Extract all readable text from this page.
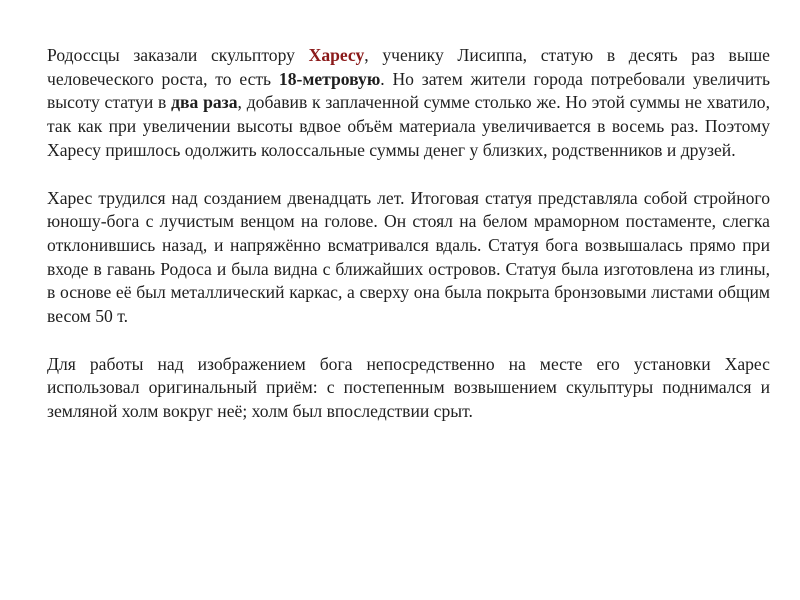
Родоссцы заказали скульптору Харесу, ученику Лисиппа, статую в десять раз выше человеческого роста, то есть 18-метровую. Но затем жители города потребовали увеличить высоту статуи в два раза, добавив к заплаченной сумме столько же. Но этой суммы не хватило, так как при увеличении высоты вдвое объём материала увеличивается в восемь раз. Поэтому Харесу пришлось одолжить колоссальные суммы денег у близких, родственников и друзей.

Харес трудился над созданием двенадцать лет. Итоговая статуя представляла собой стройного юношу-бога с лучистым венцом на голове. Он стоял на белом мраморном постаменте, слегка отклонившись назад, и напряжённо всматривался вдаль. Статуя бога возвышалась прямо при входе в гавань Родоса и была видна с ближайших островов. Статуя была изготовлена из глины, в основе её был металлический каркас, а сверху она была покрыта бронзовыми листами общим весом 50 т.

Для работы над изображением бога непосредственно на месте его установки Харес использовал оригинальный приём: с постепенным возвышением скульптуры поднимался и земляной холм вокруг неё; холм был впоследствии срыт.
